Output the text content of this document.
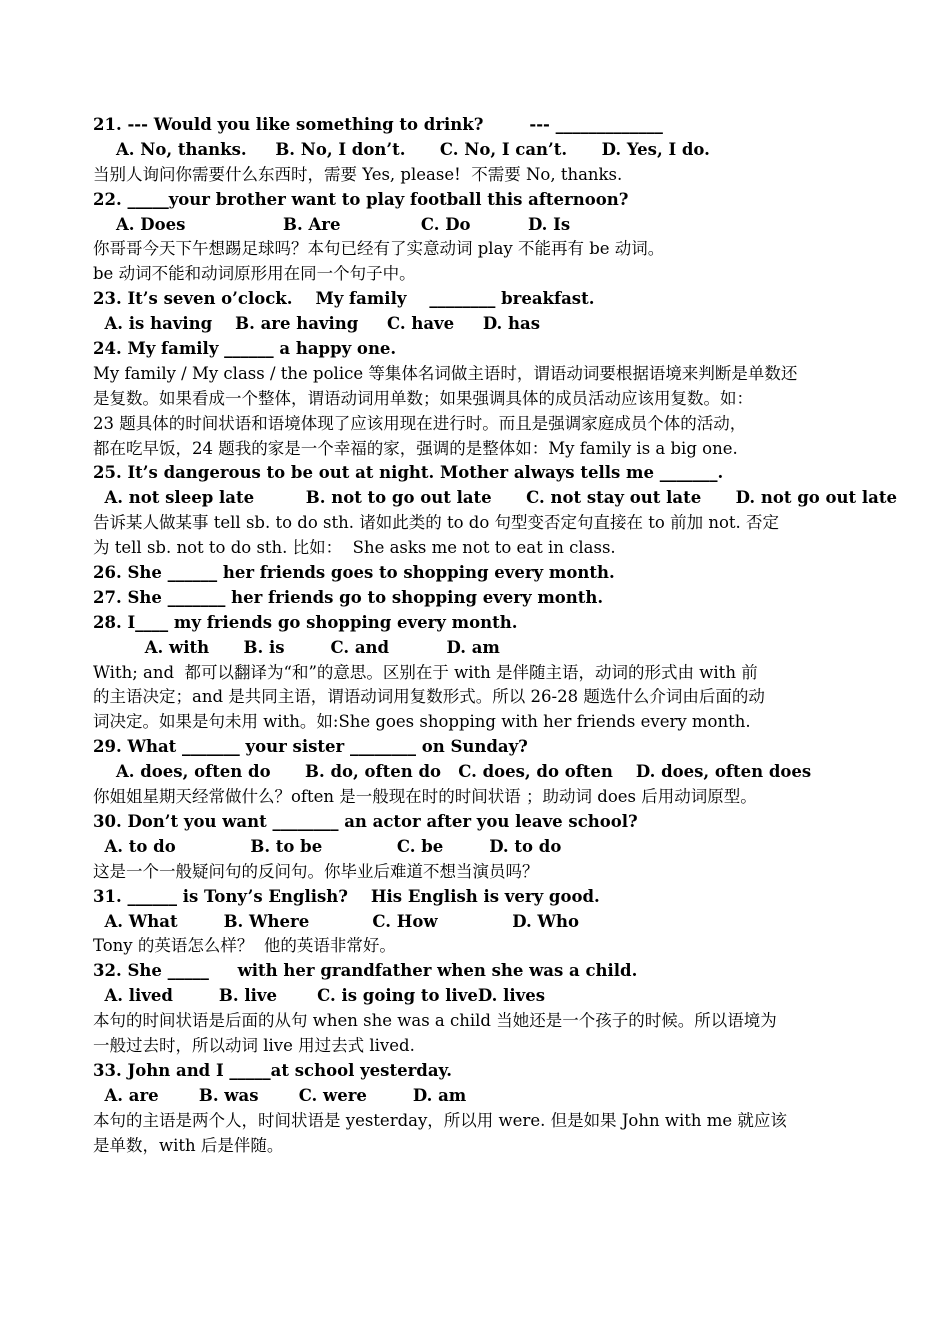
21. --- Would you like something to drink?        --- _____________
A. No, thanks.     B. No, I don’t.      C. No, I can’t.      D. Yes, I do.
当别人询问你需要什么东西时，需要 Yes, please!  不需要 No, thanks.
22. _____your brother want to play football this afternoon?
A. Does                 B. Are              C. Do          D. Is
你哥哥今天下午想踢足球吗？本句已经有了实意动词 play 不能再有 be 动词。
be 动词不能和动词原形用在同一个句子中。
23. It’s seven o’clock.    My family    ________ breakfast.
A. is having    B. are having     C. have     D. has
24. My family ______ a happy one.
My family / My class / the police 等集体名词做主语时，谓语动词要根据语境来判断是单数还
是复数。如果看成一个整体，谓语动词用单数；如果强调具体的成员活动应该用复数。如：
23 题具体的时间状语和语境体现了应该用现在进行时。而且是强调家庭成员个体的活动，
都在吃早饭，24 题我的家是一个幸福的家，强调的是整体如：My family is a big one.
25. It’s dangerous to be out at night. Mother always tells me _______.
A. not sleep late         B. not to go out late      C. not stay out late      D. not go out late
告诉某人做某事 tell sb. to do sth. 诸如此类的 to do 句型变否定句直接在 to 前加 not. 否定
为 tell sb. not to do sth. 比如：  She asks me not to eat in class.
26. She ______ her friends goes to shopping every month.
27. She _______ her friends go to shopping every month.
28. I____ my friends go shopping every month.
A. with      B. is        C. and          D. am
With; and  都可以翻译为“和”的意思。区别在于 with 是伴随主语，动词的形式由 with 前
的主语决定；and 是共同主语，谓语动词用复数形式。所以 26-28 题选什么介词由后面的动
词决定。如果是句未用 with。如:She goes shopping with her friends every month.
29. What _______ your sister ________ on Sunday?
A. does, often do      B. do, often do   C. does, do often    D. does, often does
你姐姐星期天经常做什么？often 是一般现在时的时间状语 ；助动词 does 后用动词原型。
30. Don’t you want ________ an actor after you leave school?
A. to do             B. to be             C. be        D. to do
这是一个一般疑问句的反问句。你毕业后难道不想当演员吗？
31. ______ is Tony’s English?    His English is very good.
A. What        B. Where           C. How             D. Who
Tony 的英语怎么样？  他的英语非常好。
32. She _____     with her grandfather when she was a child.
A. lived        B. live       C. is going to liveD. lives
本句的时间状语是后面的从句 when she was a child 当她还是一个孩子的时候。所以语境为
一般过去时，所以动词 live 用过去式 lived.
33. John and I _____at school yesterday.
A. are       B. was       C. were        D. am
本句的主语是两个人，时间状语是 yesterday，所以用 were. 但是如果 John with me 就应该
是单数，with 后是伴随。
